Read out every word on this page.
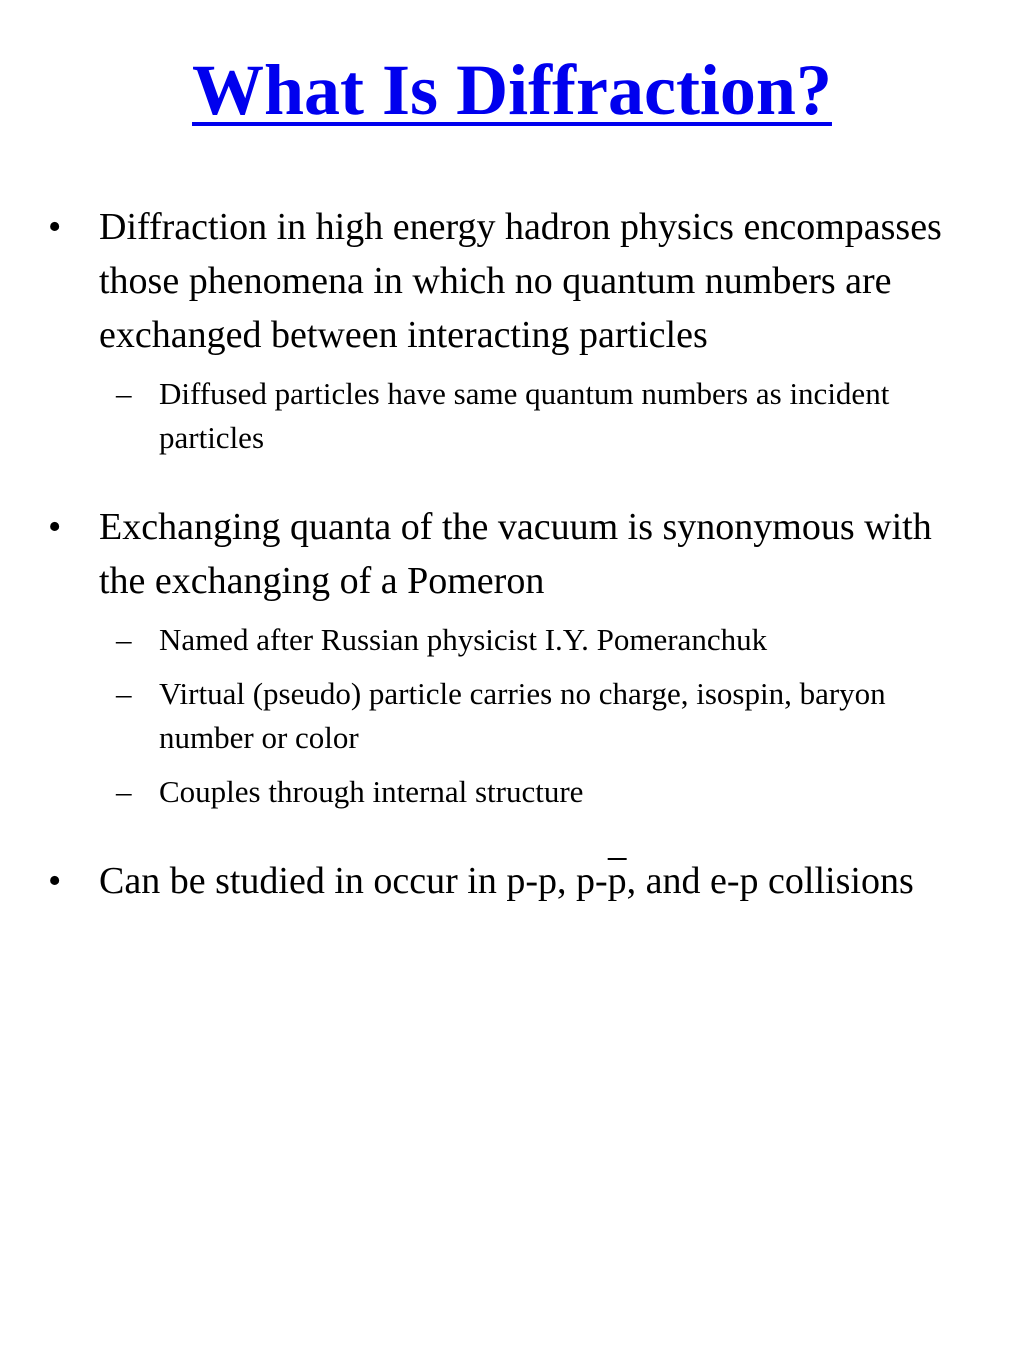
What Is Diffraction?
• Diffraction in high energy hadron physics encompasses those phenomena in which no quantum numbers are exchanged between interacting particles
– Diffused particles have same quantum numbers as incident particles
• Exchanging quanta of the vacuum is synonymous with the exchanging of a Pomeron
– Named after Russian physicist I.Y. Pomeranchuk
– Virtual (pseudo) particle carries no charge, isospin, baryon number or color
– Couples through internal structure
• Can be studied in occur in p-p, $p-\overline{p}$, and e-p collisions
